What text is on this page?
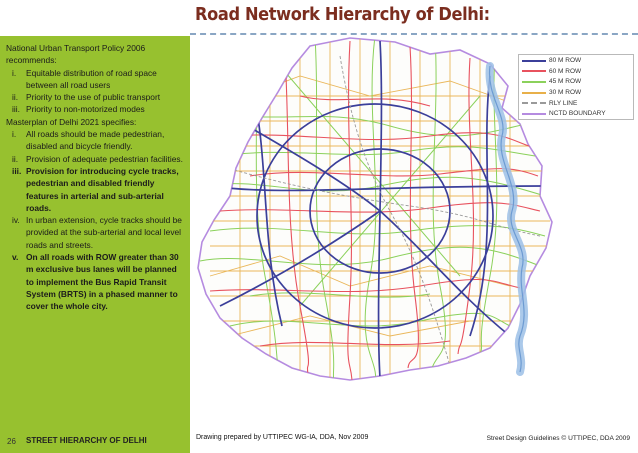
National Urban Transport Policy 2006 recommends:

i. Equitable distribution of road space between all road users
ii. Priority to the use of public transport
iii. Priority to non-motorized modes

Masterplan of Delhi 2021 specifies:

i. All roads should be made pedestrian, disabled and bicycle friendly.
ii. Provision of adequate pedestrian facilities.
iii. Provision for introducing cycle tracks, pedestrian and disabled friendly features in arterial and sub-arterial roads.
iv. In urban extension, cycle tracks should be provided at the sub-arterial and local level roads and streets.
v. On all roads with ROW greater than 30 m exclusive bus lanes will be planned to implement the Bus Rapid Transit System (BRTS) in a phased manner to cover the whole city.
Road Network Hierarchy of Delhi:
80 M ROW
60 M ROW
45 M ROW
30 M ROW
RLY LINE
NCTD BOUNDARY
26 STREET HIERARCHY OF DELHI	Drawing prepared by UTTIPEC WG-IA, DDA, Nov 2009	Street Design Guidelines © UTTIPEC, DDA 2009
